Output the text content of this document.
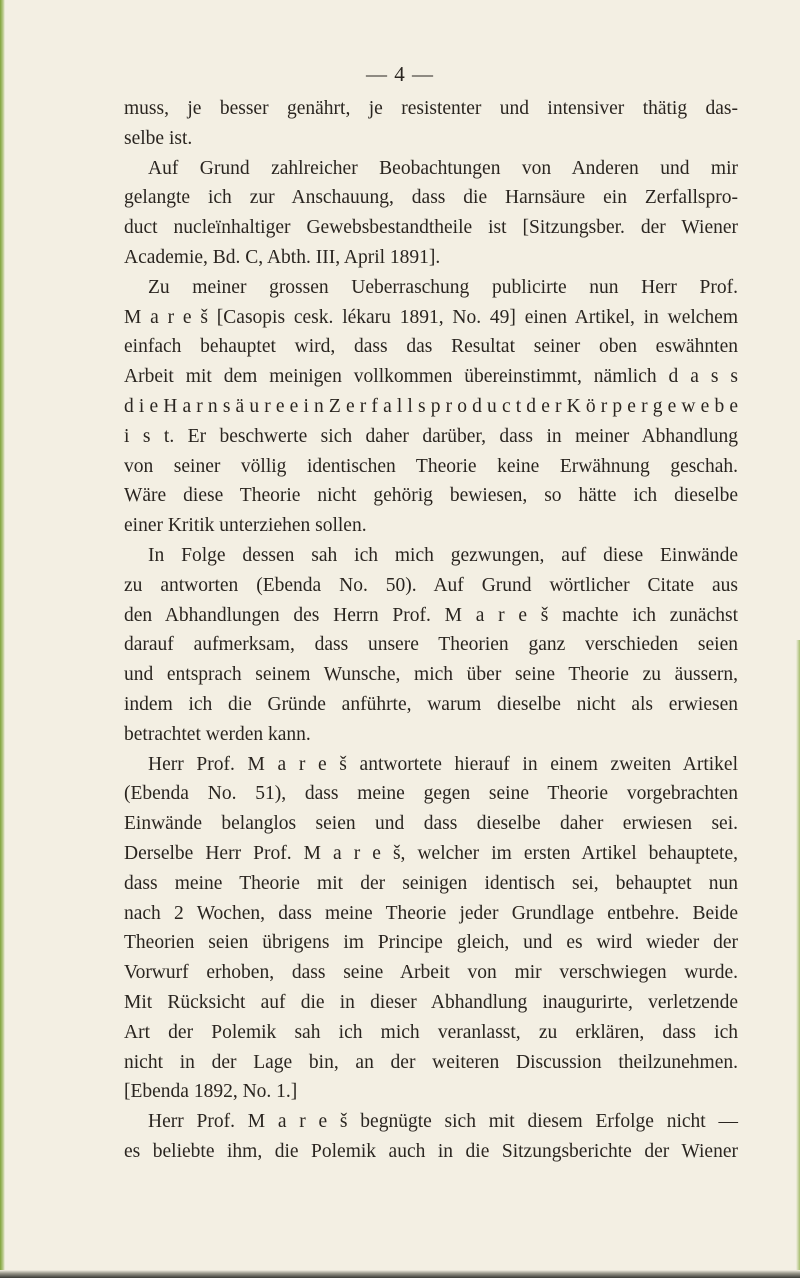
— 4 —

muss, je besser genährt, je resistenter und intensiver thätig das-

selbe ist.

Auf Grund zahlreicher Beobachtungen von Anderen und mir

gelangte ich zur Anschauung, dass die Harnsäure ein Zerfallspro-

duct nucleïnhaltiger Gewebsbestandtheile ist [Sitzungsber. der Wiener

Academie, Bd. C, Abth. III, April 1891].

Zu meiner grossen Ueberraschung publicirte nun Herr Prof.

M a r e š [Casopis cesk. lékaru 1891, No. 49] einen Artikel, in welchem

einfach behauptet wird, dass das Resultat seiner oben eswähnten

Arbeit mit dem meinigen vollkommen übereinstimmt, nämlich d a s s

d i e H a r n s ä u r e e i n Z e r f a l l s p r o d u c t d e r K ö r p e r g e w e b e

i s t. Er beschwerte sich daher darüber, dass in meiner Abhandlung

von seiner völlig identischen Theorie keine Erwähnung geschah.

Wäre diese Theorie nicht gehörig bewiesen, so hätte ich dieselbe

einer Kritik unterziehen sollen.

In Folge dessen sah ich mich gezwungen, auf diese Einwände

zu antworten (Ebenda No. 50). Auf Grund wörtlicher Citate aus

den Abhandlungen des Herrn Prof. M a r e š machte ich zunächst

darauf aufmerksam, dass unsere Theorien ganz verschieden seien

und entsprach seinem Wunsche, mich über seine Theorie zu äussern,

indem ich die Gründe anführte, warum dieselbe nicht als erwiesen

betrachtet werden kann.

Herr Prof. M a r e š antwortete hierauf in einem zweiten Artikel

(Ebenda No. 51), dass meine gegen seine Theorie vorgebrachten

Einwände belanglos seien und dass dieselbe daher erwiesen sei.

Derselbe Herr Prof. M a r e š, welcher im ersten Artikel behauptete,

dass meine Theorie mit der seinigen identisch sei, behauptet nun

nach 2 Wochen, dass meine Theorie jeder Grundlage entbehre. Beide

Theorien seien übrigens im Principe gleich, und es wird wieder der

Vorwurf erhoben, dass seine Arbeit von mir verschwiegen wurde.

Mit Rücksicht auf die in dieser Abhandlung inaugurirte, verletzende

Art der Polemik sah ich mich veranlasst, zu erklären, dass ich

nicht in der Lage bin, an der weiteren Discussion theilzunehmen.

[Ebenda 1892, No. 1.]

Herr Prof. M a r e š begnügte sich mit diesem Erfolge nicht —

es beliebte ihm, die Polemik auch in die Sitzungsberichte der Wiener
